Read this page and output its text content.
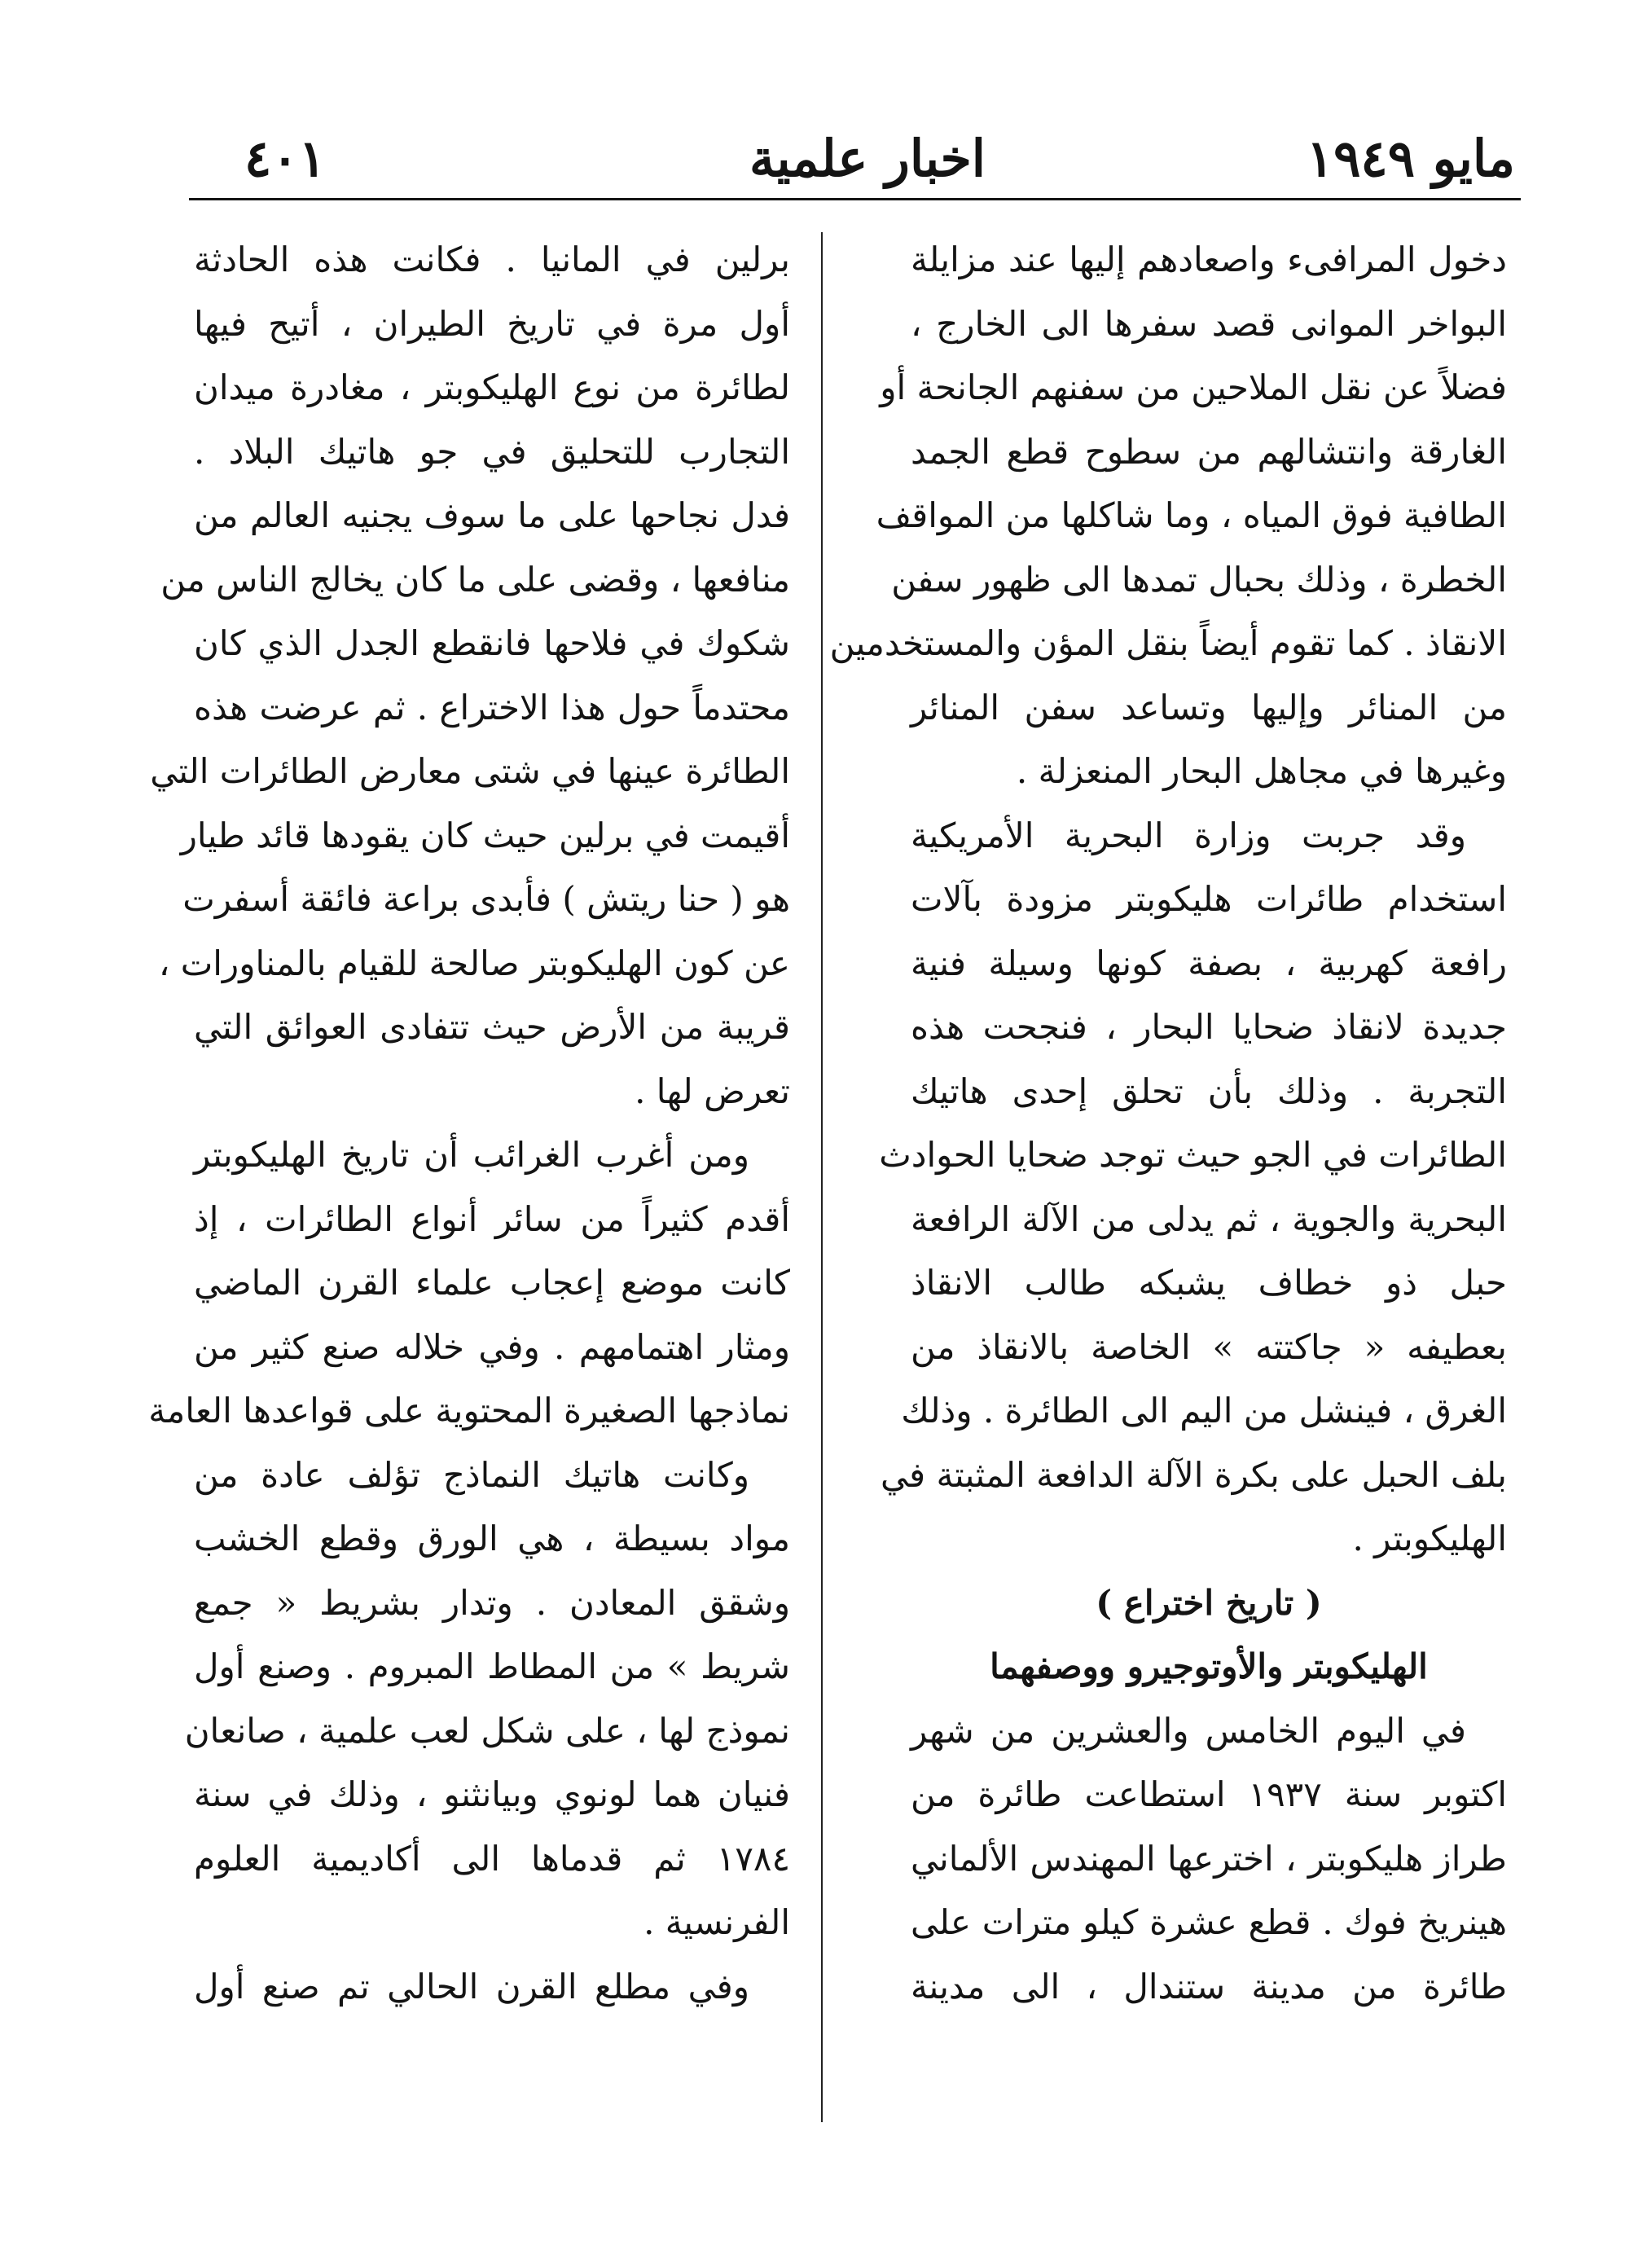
مايو ١٩٤٩
اخبار علمية
٤٠١
دخول المرافىء واصعادهم إليها عند مزايلة
البواخر الموانى قصد سفرها الى الخارج ،
فضلاً عن نقل الملاحين من سفنهم الجانحة أو
الغارقة وانتشالهم من سطوح قطع الجمد
الطافية فوق المياه ، وما شاكلها من المواقف
الخطرة ، وذلك بحبال تمدها الى ظهور سفن
الانقاذ . كما تقوم أيضاً بنقل المؤن والمستخدمين
من المنائر وإليها وتساعد سفن المنائر
وغيرها في مجاهل البحار المنعزلة .
وقد جربت وزارة البحرية الأمريكية
استخدام طائرات هليكوبتر مزودة بآلات
رافعة كهربية ، بصفة كونها وسيلة فنية
جديدة لانقاذ ضحايا البحار ، فنجحت هذه
التجربة . وذلك بأن تحلق إحدى هاتيك
الطائرات في الجو حيث توجد ضحايا الحوادث
البحرية والجوية ، ثم يدلى من الآلة الرافعة
حبل ذو خطاف يشبكه طالب الانقاذ
بعطيفه « جاكتته » الخاصة بالانقاذ من
الغرق ، فينشل من اليم الى الطائرة . وذلك
بلف الحبل على بكرة الآلة الدافعة المثبتة في
الهليكوبتر .
( تاريخ اختراع )
الهليكوبتر والأوتوجيرو ووصفهما
في اليوم الخامس والعشرين من شهر
اكتوبر سنة ١٩٣٧ استطاعت طائرة من
طراز هليكوبتر ، اخترعها المهندس الألماني
هينريخ فوك . قطع عشرة كيلو مترات على
طائرة من مدينة ستندال ، الى مدينة
برلين في المانيا . فكانت هذه الحادثة
أول مرة في تاريخ الطيران ، أتيح فيها
لطائرة من نوع الهليكوبتر ، مغادرة ميدان
التجارب للتحليق في جو هاتيك البلاد .
فدل نجاحها على ما سوف يجنيه العالم من
منافعها ، وقضى على ما كان يخالج الناس من
شكوك في فلاحها فانقطع الجدل الذي كان
محتدماً حول هذا الاختراع . ثم عرضت هذه
الطائرة عينها في شتى معارض الطائرات التي
أقيمت في برلين حيث كان يقودها قائد طيار
هو ( حنا ريتش ) فأبدى براعة فائقة أسفرت
عن كون الهليكوبتر صالحة للقيام بالمناورات ،
قريبة من الأرض حيث تتفادى العوائق التي
تعرض لها .
ومن أغرب الغرائب أن تاريخ الهليكوبتر
أقدم كثيراً من سائر أنواع الطائرات ، إذ
كانت موضع إعجاب علماء القرن الماضي
ومثار اهتمامهم . وفي خلاله صنع كثير من
نماذجها الصغيرة المحتوية على قواعدها العامة
وكانت هاتيك النماذج تؤلف عادة من
مواد بسيطة ، هي الورق وقطع الخشب
وشقق المعادن . وتدار بشريط « جمع
شريط » من المطاط المبروم . وصنع أول
نموذج لها ، على شكل لعب علمية ، صانعان
فنيان هما لونوي وبيانثنو ، وذلك في سنة
١٧٨٤ ثم قدماها الى أكاديمية العلوم
الفرنسية .
وفي مطلع القرن الحالي تم صنع أول
